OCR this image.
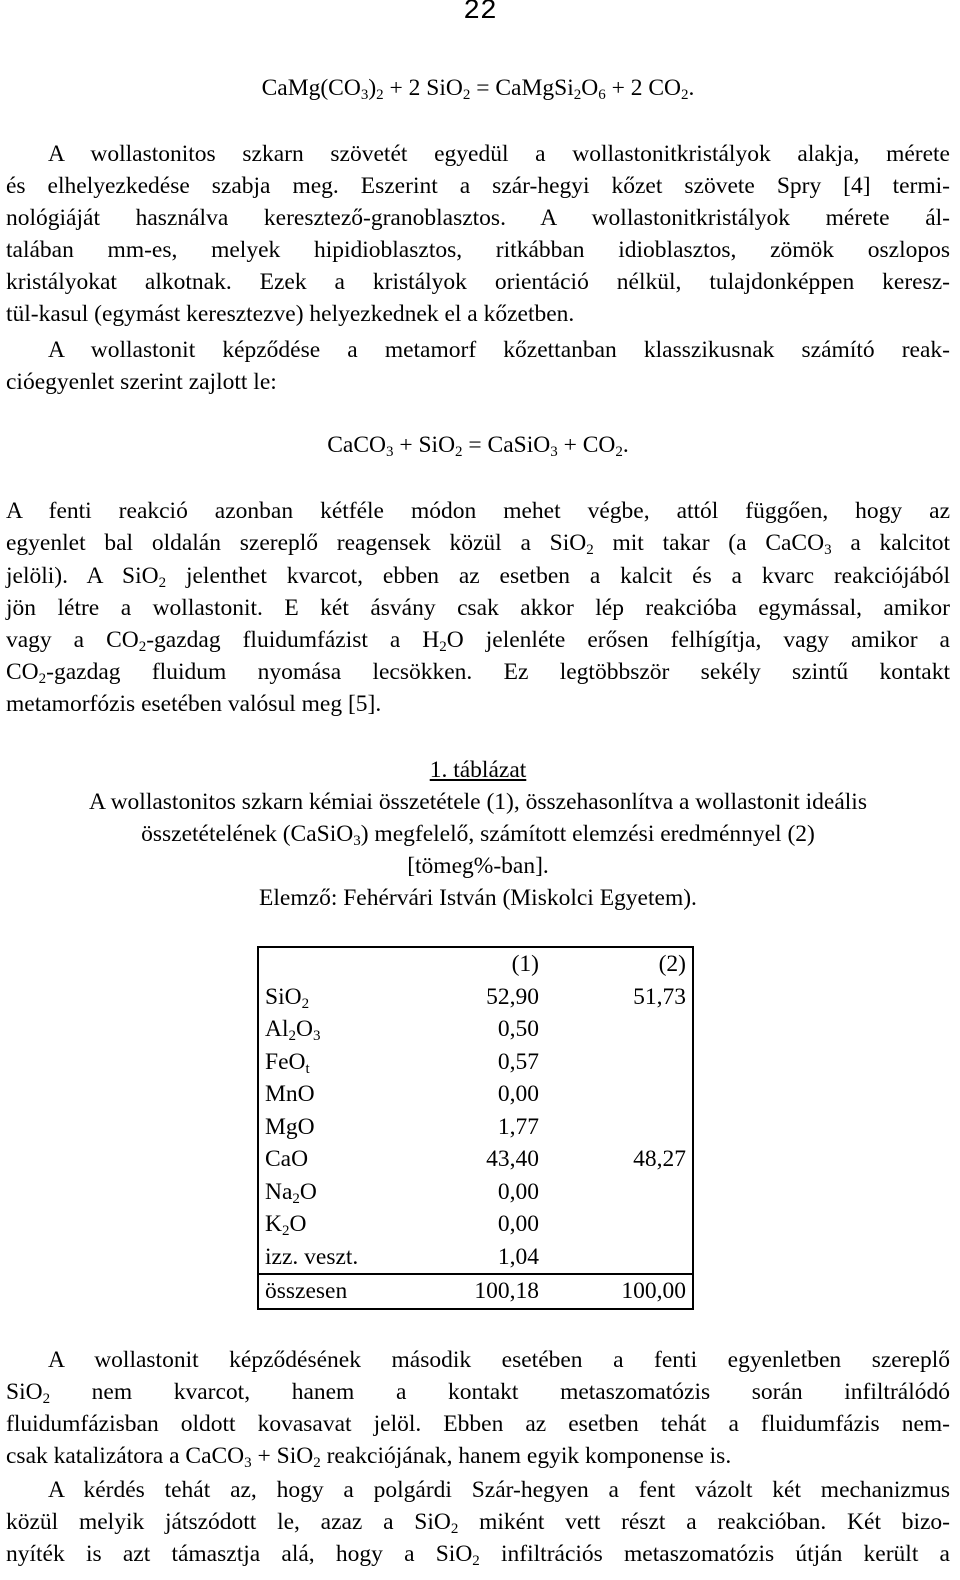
22
$CaMg(CO_3)_2 + 2$ $SiO_2 = CaMgSi_2O_6 + 2$ $CO_2$.
A wollastonitos szkarn szövetét egyedül a wollastonitkristályok alakja, mérete
és elhelyezkedése szabja meg. Eszerint a szár-hegyi kőzet szövete Spry [4] termi-
nológiáját használva keresztező-granoblasztos. A wollastonitkristályok mérete ál-
talában mm-es, melyek hipidioblasztos, ritkábban idioblasztos, zömök oszlopos
kristályokat alkotnak. Ezek a kristályok orientáció nélkül, tulajdonképpen keresz-
tül-kasul (egymást keresztezve) helyezkednek el a kőzetben.
A wollastonit képződése a metamorf kőzettanban klasszikusnak számító reak-
cióegyenlet szerint zajlott le:
CaCO$_3$ + SiO$_2$ = CaSiO$_3$ + $CO_2$.
A fenti reakció azonban kétféle módon mehet végbe, attól függően, hogy az
egyenlet bal oldalán szereplő reagensek közül a SiO$_2$ mit takar (a CaCO$_3$ a kalcitot
jelöli). A SiO$_2$ jelenthet kvarcot, ebben az esetben a kalcit és a kvarc reakciójából
jön létre a wollastonit. E két ásvány csak akkor lép reakcióba egymással, amikor
vagy a $CO_2$-gazdag fluidumfázist a $H_2O$ jelenléte erősen felhígítja, vagy amikor a
$CO_2$-gazdag fluidum nyomása lecsökken. Ez legtöbbször sekély szintű kontakt
metamorfózis esetében valósul meg [5].
1. táblázat
A wollastonitos szkarn kémiai összetétele (1), összehasonlítva a wollastonit ideális
összetételének (CaSiO$_3$) megfelelő, számított elemzési eredménnyel (2)
[tömeg%-ban].
Elemző: Fehérvári István (Miskolci Egyetem).
	(1)	(2)
SiO$_2$	52,90	51,73
$Al_2O_3$	0,50	
FeO$_t$	0,57	
MnO	0,00	
MgO	1,77	
CaO	43,40	48,27
$Na_2O$	0,00	
$K_2O$	0,00	
izz. veszt.	1,04	
összesen	100,18	100,00
A wollastonit képződésének második esetében a fenti egyenletben szereplő
SiO$_2$ nem kvarcot, hanem a kontakt metaszomatózis során infiltrálódó
fluidumfázisban oldott kovasavat jelöl. Ebben az esetben tehát a fluidumfázis nem-
csak katalizátora a CaCO$_3$ + SiO$_2$ reakciójának, hanem egyik komponense is.
A kérdés tehát az, hogy a polgárdi Szár-hegyen a fent vázolt két mechanizmus
közül melyik játszódott le, azaz a SiO$_2$ miként vett részt a reakcióban. Két bizo-
nyíték is azt támasztja alá, hogy a SiO$_2$ infiltrációs metaszomatózis útján került a
